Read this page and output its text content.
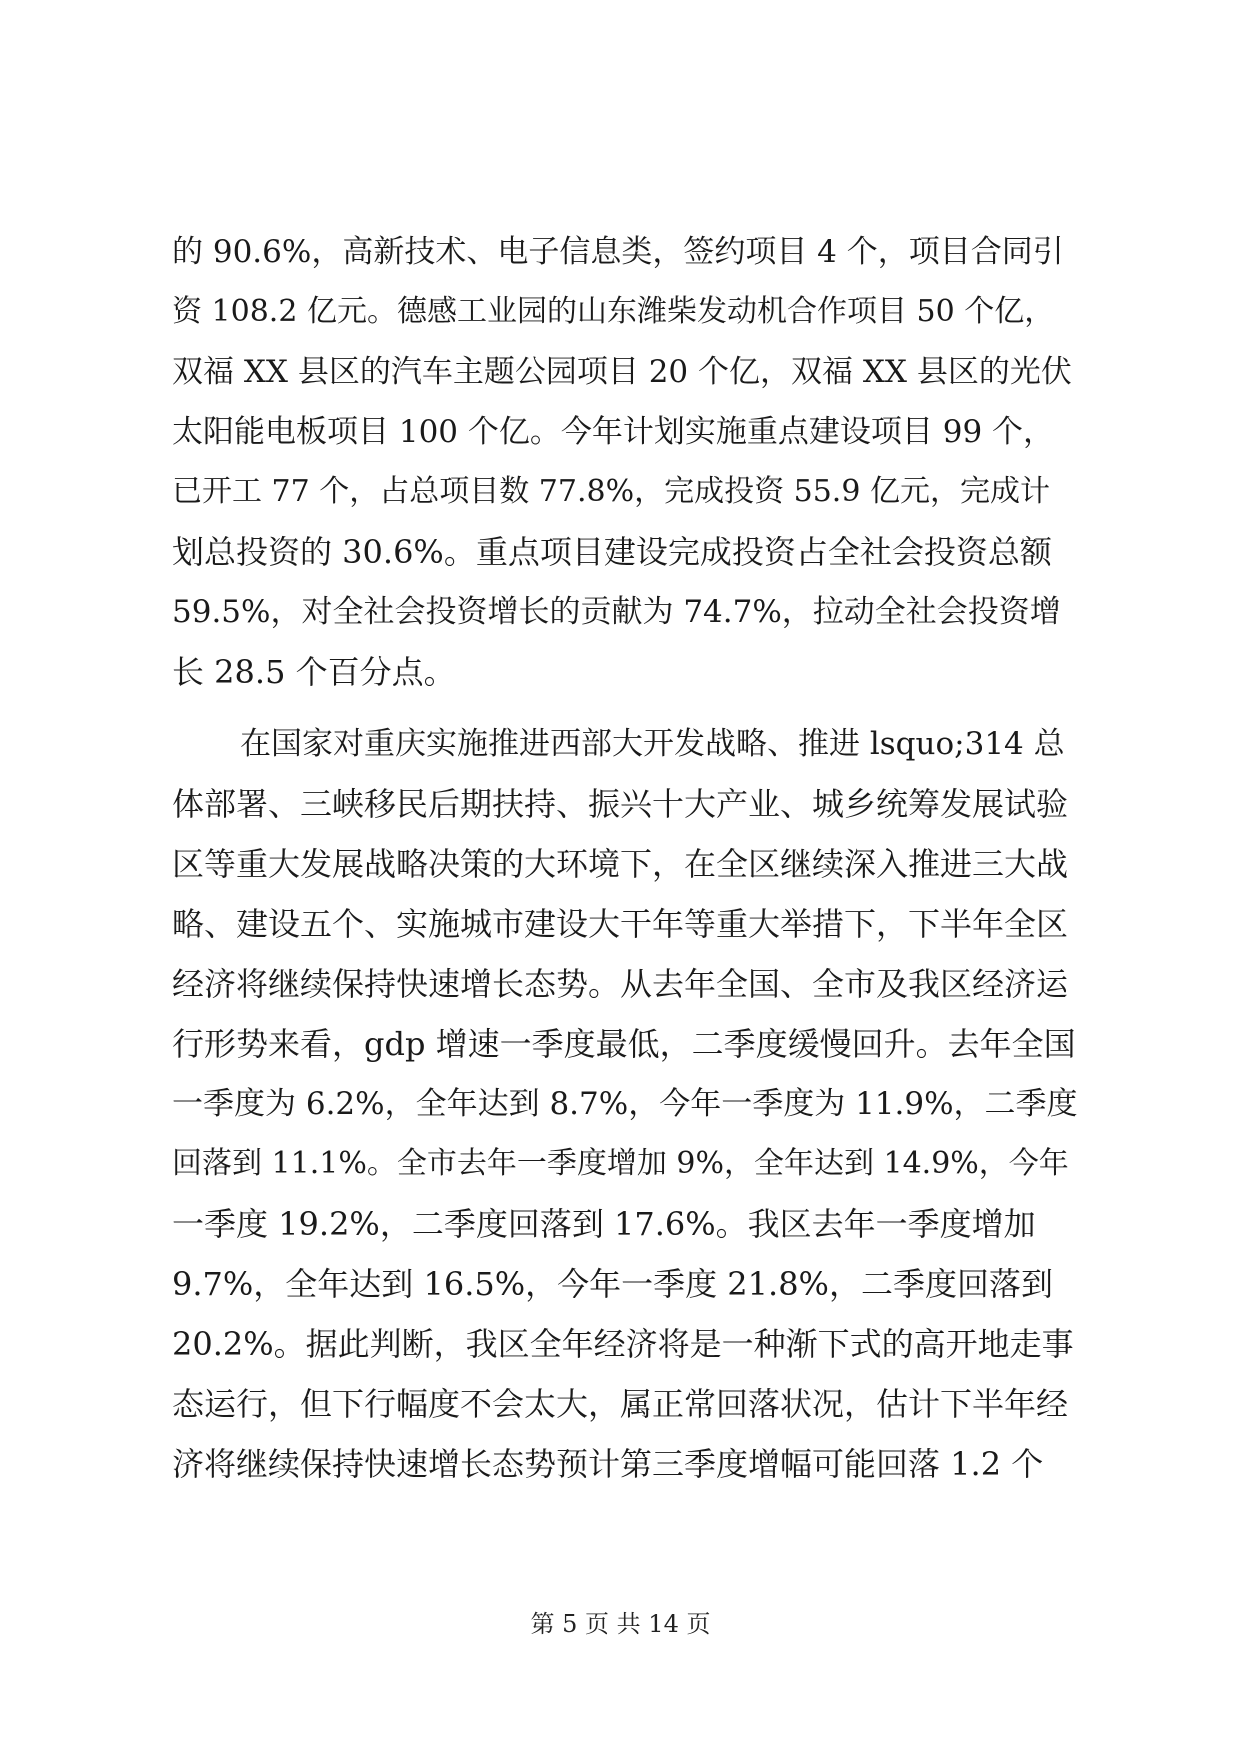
的 90.6%，高新技术、电子信息类，签约项目 4 个，项目合同引
资 108.2 亿元。德感工业园的山东潍柴发动机合作项目 50 个亿，
双福 XX 县区的汽车主题公园项目 20 个亿，双福 XX 县区的光伏
太阳能电板项目 100 个亿。今年计划实施重点建设项目 99 个，
已开工 77 个，占总项目数 77.8%，完成投资 55.9 亿元，完成计
划总投资的 30.6%。重点项目建设完成投资占全社会投资总额
59.5%，对全社会投资增长的贡献为 74.7%，拉动全社会投资增
长 28.5 个百分点。
在国家对重庆实施推进西部大开发战略、推进 lsquo;314 总
体部署、三峡移民后期扶持、振兴十大产业、城乡统筹发展试验
区等重大发展战略决策的大环境下，在全区继续深入推进三大战
略、建设五个、实施城市建设大干年等重大举措下，下半年全区
经济将继续保持快速增长态势。从去年全国、全市及我区经济运
行形势来看，gdp 增速一季度最低，二季度缓慢回升。去年全国
一季度为 6.2%，全年达到 8.7%，今年一季度为 11.9%，二季度
回落到 11.1%。全市去年一季度增加 9%，全年达到 14.9%，今年
一季度 19.2%，二季度回落到 17.6%。我区去年一季度增加
9.7%，全年达到 16.5%，今年一季度 21.8%，二季度回落到
20.2%。据此判断，我区全年经济将是一种渐下式的高开地走事
态运行，但下行幅度不会太大，属正常回落状况，估计下半年经
济将继续保持快速增长态势预计第三季度增幅可能回落 1.2 个
第 5 页 共 14 页
